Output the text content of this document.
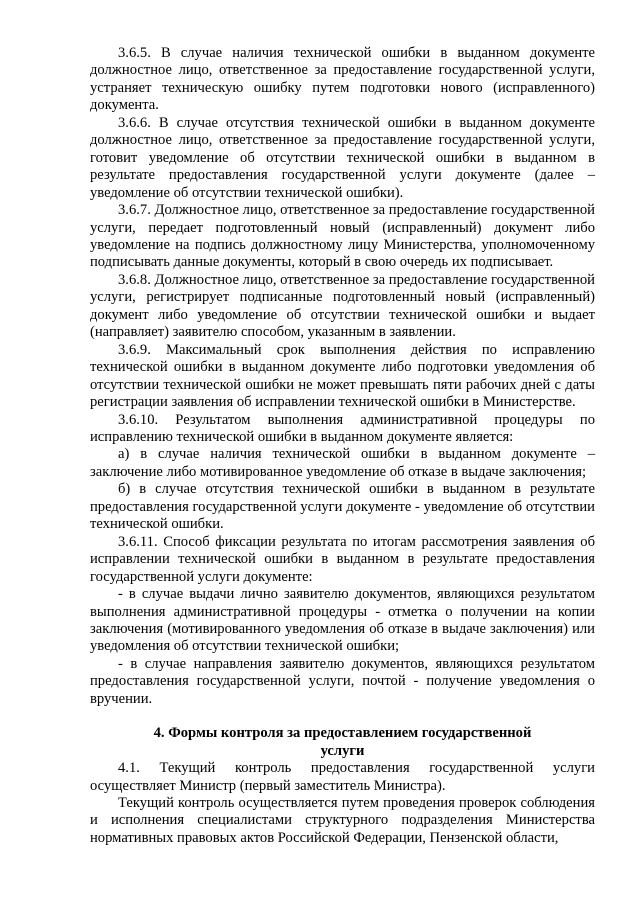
3.6.5. В случае наличия технической ошибки в выданном документе должностное лицо, ответственное за предоставление государственной услуги, устраняет техническую ошибку путем подготовки нового (исправленного) документа.

3.6.6. В случае отсутствия технической ошибки в выданном документе должностное лицо, ответственное за предоставление государственной услуги, готовит уведомление об отсутствии технической ошибки в выданном в результате предоставления государственной услуги документе (далее – уведомление об отсутствии технической ошибки).

3.6.7. Должностное лицо, ответственное за предоставление государственной услуги, передает подготовленный новый (исправленный) документ либо уведомление на подпись должностному лицу Министерства, уполномоченному подписывать данные документы, который в свою очередь их подписывает.

3.6.8. Должностное лицо, ответственное за предоставление государственной услуги, регистрирует подписанные подготовленный новый (исправленный) документ либо уведомление об отсутствии технической ошибки и выдает (направляет) заявителю способом, указанным в заявлении.

3.6.9. Максимальный срок выполнения действия по исправлению технической ошибки в выданном документе либо подготовки уведомления об отсутствии технической ошибки не может превышать пяти рабочих дней с даты регистрации заявления об исправлении технической ошибки в Министерстве.

3.6.10. Результатом выполнения административной процедуры по исправлению технической ошибки в выданном документе является:

а) в случае наличия технической ошибки в выданном документе – заключение либо мотивированное уведомление об отказе в выдаче заключения;

б) в случае отсутствия технической ошибки в выданном в результате предоставления государственной услуги документе - уведомление об отсутствии технической ошибки.

3.6.11. Способ фиксации результата по итогам рассмотрения заявления об исправлении технической ошибки в выданном в результате предоставления государственной услуги документе:

- в случае выдачи лично заявителю документов, являющихся результатом выполнения административной процедуры - отметка о получении на копии заключения (мотивированного уведомления об отказе в выдаче заключения) или уведомления об отсутствии технической ошибки;

- в случае направления заявителю документов, являющихся результатом предоставления государственной услуги, почтой - получение уведомления о вручении.

4. Формы контроля за предоставлением государственной
услуги

4.1. Текущий контроль предоставления государственной услуги осуществляет Министр (первый заместитель Министра).

Текущий контроль осуществляется путем проведения проверок соблюдения и исполнения специалистами структурного подразделения Министерства нормативных правовых актов Российской Федерации, Пензенской области,
